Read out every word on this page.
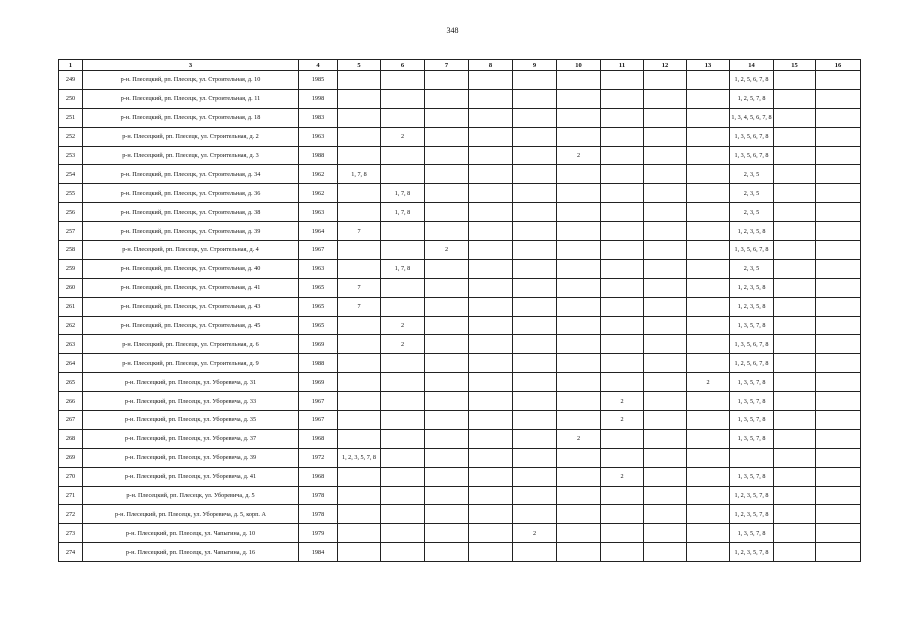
348
1	3	4	5	6	7	8	9	10	11	12	13	14	15	16
249	р-н. Плесецкий, рп. Плесецк, ул. Строительная, д. 10	1985										1, 2, 5, 6, 7, 8		
250	р-н. Плесецкий, рп. Плесецк, ул. Строительная, д. 11	1998										1, 2, 5, 7, 8		
251	р-н. Плесецкий, рп. Плесецк, ул. Строительная, д. 18	1983										1, 3, 4, 5, 6, 7, 8		
252	р-н. Плесецкий, рп. Плесецк, ул. Строительная, д. 2	1963		2								1, 3, 5, 6, 7, 8		
253	р-н. Плесецкий, рп. Плесецк, ул. Строительная, д. 3	1988						2				1, 3, 5, 6, 7, 8		
254	р-н. Плесецкий, рп. Плесецк, ул. Строительная, д. 34	1962	1, 7, 8									2, 3, 5		
255	р-н. Плесецкий, рп. Плесецк, ул. Строительная, д. 36	1962		1, 7, 8								2, 3, 5		
256	р-н. Плесецкий, рп. Плесецк, ул. Строительная, д. 38	1963		1, 7, 8								2, 3, 5		
257	р-н. Плесецкий, рп. Плесецк, ул. Строительная, д. 39	1964	7									1, 2, 3, 5, 8		
258	р-н. Плесецкий, рп. Плесецк, ул. Строительная, д. 4	1967			2							1, 3, 5, 6, 7, 8		
259	р-н. Плесецкий, рп. Плесецк, ул. Строительная, д. 40	1963		1, 7, 8								2, 3, 5		
260	р-н. Плесецкий, рп. Плесецк, ул. Строительная, д. 41	1965	7									1, 2, 3, 5, 8		
261	р-н. Плесецкий, рп. Плесецк, ул. Строительная, д. 43	1965	7									1, 2, 3, 5, 8		
262	р-н. Плесецкий, рп. Плесецк, ул. Строительная, д. 45	1965		2								1, 3, 5, 7, 8		
263	р-н. Плесецкий, рп. Плесецк, ул. Строительная, д. 6	1969		2								1, 3, 5, 6, 7, 8		
264	р-н. Плесецкий, рп. Плесецк, ул. Строительная, д. 9	1988										1, 2, 5, 6, 7, 8		
265	р-н. Плесецкий, рп. Плесецк, ул. Уборевича, д. 31	1969									2	1, 3, 5, 7, 8		
266	р-н. Плесецкий, рп. Плесецк, ул. Уборевича, д. 33	1967							2			1, 3, 5, 7, 8		
267	р-н. Плесецкий, рп. Плесецк, ул. Уборевича, д. 35	1967							2			1, 3, 5, 7, 8		
268	р-н. Плесецкий, рп. Плесецк, ул. Уборевича, д. 37	1968						2				1, 3, 5, 7, 8		
269	р-н. Плесецкий, рп. Плесецк, ул. Уборевича, д. 39	1972	1, 2, 3, 5, 7, 8											
270	р-н. Плесецкий, рп. Плесецк, ул. Уборевича, д. 41	1968							2			1, 3, 5, 7, 8		
271	р-н. Плесецкий, рп. Плесецк, ул. Уборевича, д. 5	1978										1, 2, 3, 5, 7, 8		
272	р-н. Плесецкий, рп. Плесецк, ул. Уборевича, д. 5, корп. А	1978										1, 2, 3, 5, 7, 8		
273	р-н. Плесецкий, рп. Плесецк, ул. Чапыгина, д. 10	1979					2					1, 3, 5, 7, 8		
274	р-н. Плесецкий, рп. Плесецк, ул. Чапыгина, д. 16	1984										1, 2, 3, 5, 7, 8		
